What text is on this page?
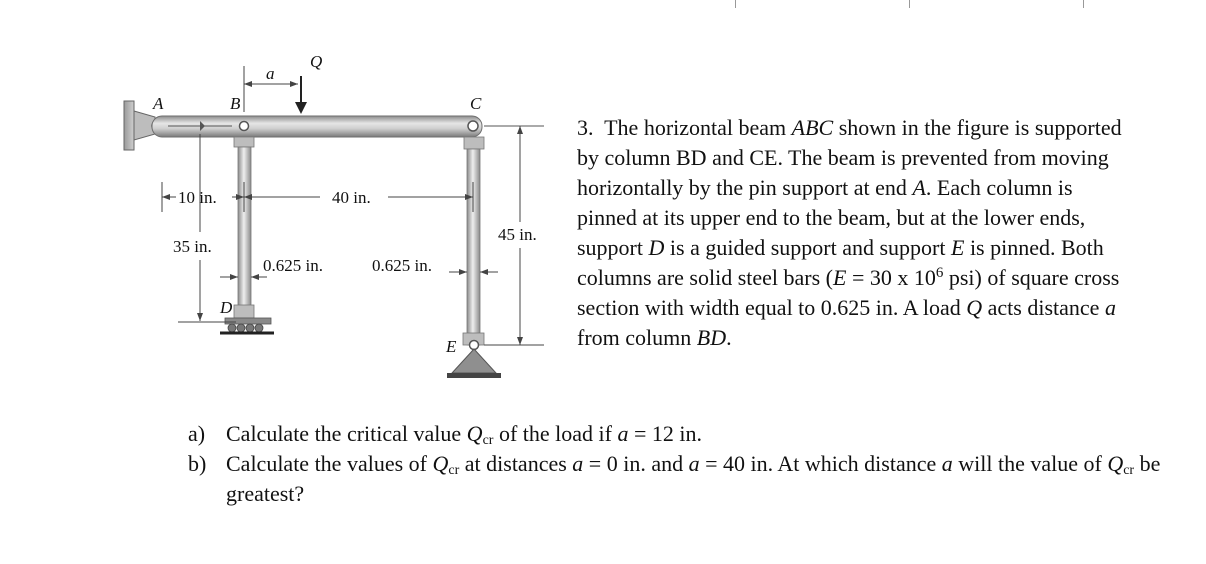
A	B	C
D
E
a
Q
10 in.	40 in.
35 in.
45 in.
0.625 in.	0.625 in.

3. The horizontal beam ABC shown in the figure is supported by column BD and CE. The beam is prevented from moving horizontally by the pin support at end A. Each column is pinned at its upper end to the beam, but at the lower ends, support D is a guided support and support E is pinned. Both columns are solid steel bars (E = 30 x $10^6$ psi) of square cross section with width equal to 0.625 in. A load Q acts distance a from column BD.

a) Calculate the critical value $Q_{cr}$ of the load if a = 12 in.
b) Calculate the values of $Q_{cr}$ at distances a = 0 in. and a = 40 in. At which distance a will the value of $Q_{cr}$ be greatest?
